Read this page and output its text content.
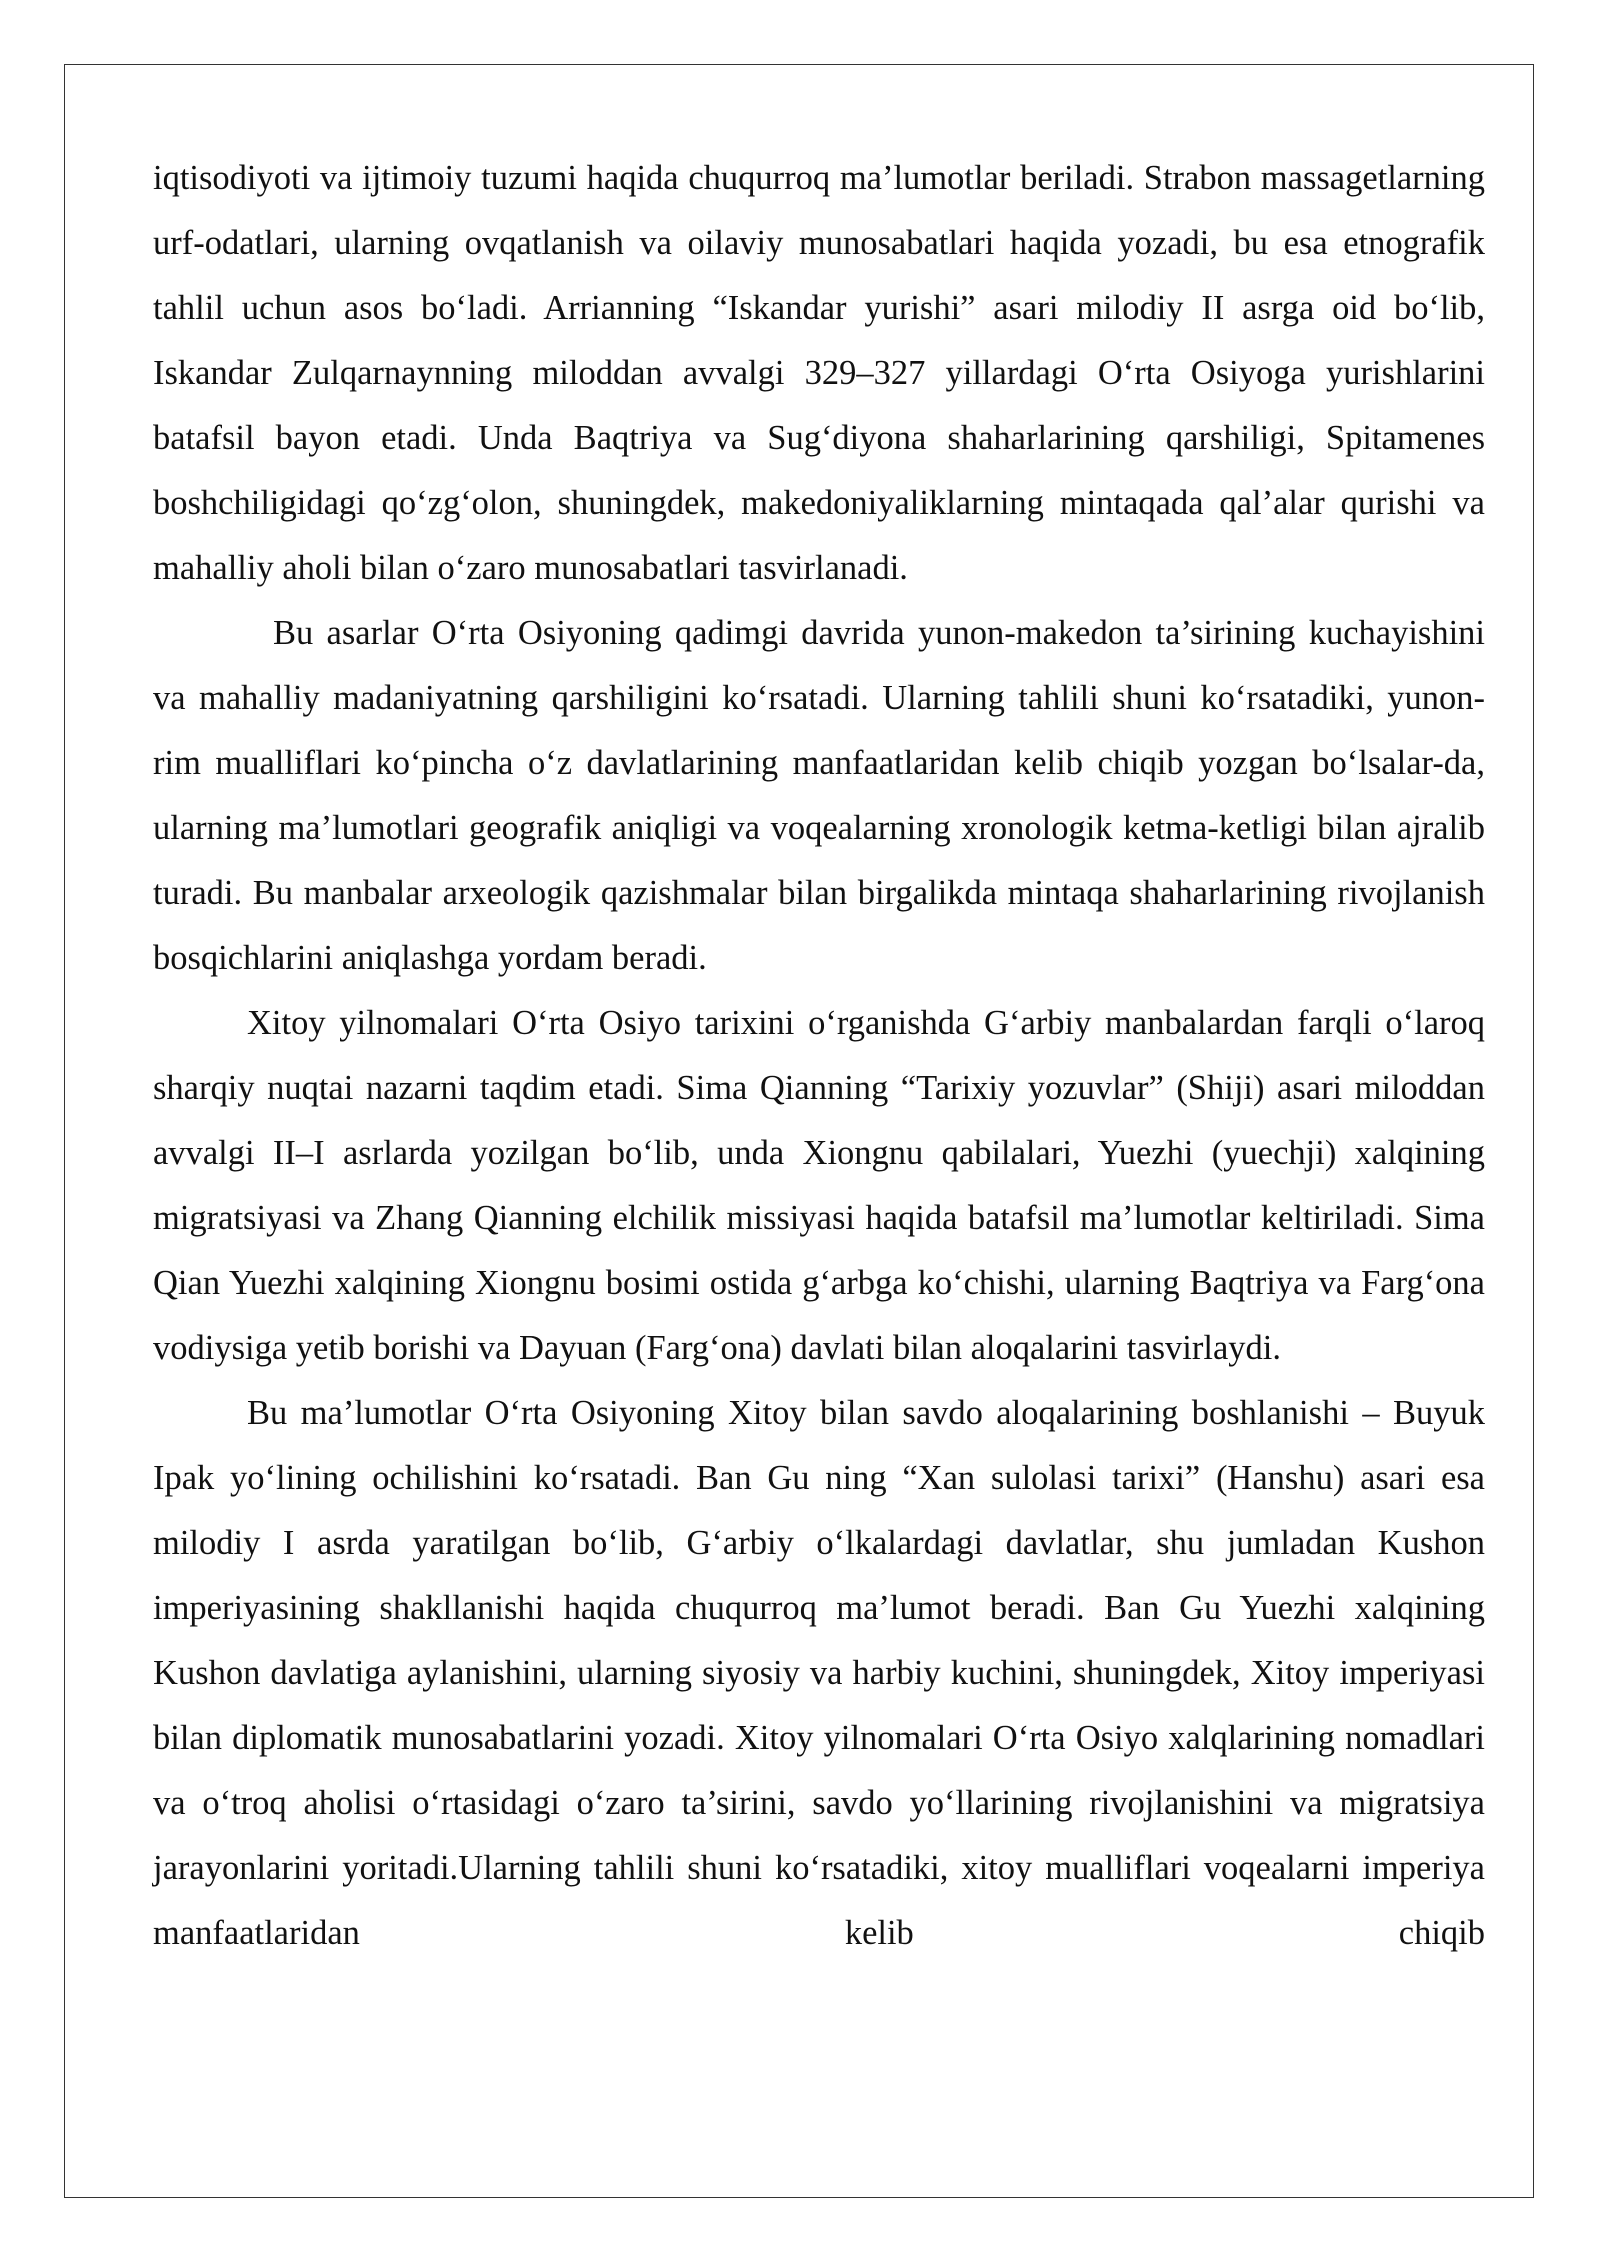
iqtisodiyoti va ijtimoiy tuzumi haqida chuqurroq ma’lumotlar beriladi. Strabon massagetlarning urf-odatlari, ularning ovqatlanish va oilaviy munosabatlari haqida yozadi, bu esa etnografik tahlil uchun asos bo‘ladi. Arrianning “Iskandar yurishi” asari milodiy II asrga oid bo‘lib, Iskandar Zulqarnaynning miloddan avvalgi 329–327 yillardagi O‘rta Osiyoga yurishlarini batafsil bayon etadi. Unda Baqtriya va Sug‘diyona shaharlarining qarshiligi, Spitamenes boshchiligidagi qo‘zg‘olon, shuningdek, makedoniyaliklarning mintaqada qal’alar qurishi va mahalliy aholi bilan o‘zaro munosabatlari tasvirlanadi.

Bu asarlar O‘rta Osiyoning qadimgi davrida yunon-makedon ta’sirining kuchayishini va mahalliy madaniyatning qarshiligini ko‘rsatadi. Ularning tahlili shuni ko‘rsatadiki, yunon-rim mualliflari ko‘pincha o‘z davlatlarining manfaatlaridan kelib chiqib yozgan bo‘lsalar-da, ularning ma’lumotlari geografik aniqligi va voqealarning xronologik ketma-ketligi bilan ajralib turadi. Bu manbalar arxeologik qazishmalar bilan birgalikda mintaqa shaharlarining rivojlanish bosqichlarini aniqlashga yordam beradi.

Xitoy yilnomalari O‘rta Osiyo tarixini o‘rganishda G‘arbiy manbalardan farqli o‘laroq sharqiy nuqtai nazarni taqdim etadi. Sima Qianning “Tarixiy yozuvlar” (Shiji) asari miloddan avvalgi II–I asrlarda yozilgan bo‘lib, unda Xiongnu qabilalari, Yuezhi (yuechji) xalqining migratsiyasi va Zhang Qianning elchilik missiyasi haqida batafsil ma’lumotlar keltiriladi. Sima Qian Yuezhi xalqining Xiongnu bosimi ostida g‘arbga ko‘chishi, ularning Baqtriya va Farg‘ona vodiysiga yetib borishi va Dayuan (Farg‘ona) davlati bilan aloqalarini tasvirlaydi.

Bu ma’lumotlar O‘rta Osiyoning Xitoy bilan savdo aloqalarining boshlanishi – Buyuk Ipak yo‘lining ochilishini ko‘rsatadi. Ban Gu ning “Xan sulolasi tarixi” (Hanshu) asari esa milodiy I asrda yaratilgan bo‘lib, G‘arbiy o‘lkalardagi davlatlar, shu jumladan Kushon imperiyasining shakllanishi haqida chuqurroq ma’lumot beradi. Ban Gu Yuezhi xalqining Kushon davlatiga aylanishini, ularning siyosiy va harbiy kuchini, shuningdek, Xitoy imperiyasi bilan diplomatik munosabatlarini yozadi. Xitoy yilnomalari O‘rta Osiyo xalqlarining nomadlari va o‘troq aholisi o‘rtasidagi o‘zaro ta’sirini, savdo yo‘llarining rivojlanishini va migratsiya jarayonlarini yoritadi.Ularning tahlili shuni ko‘rsatadiki, xitoy mualliflari voqealarni imperiya manfaatlaridan kelib chiqib
